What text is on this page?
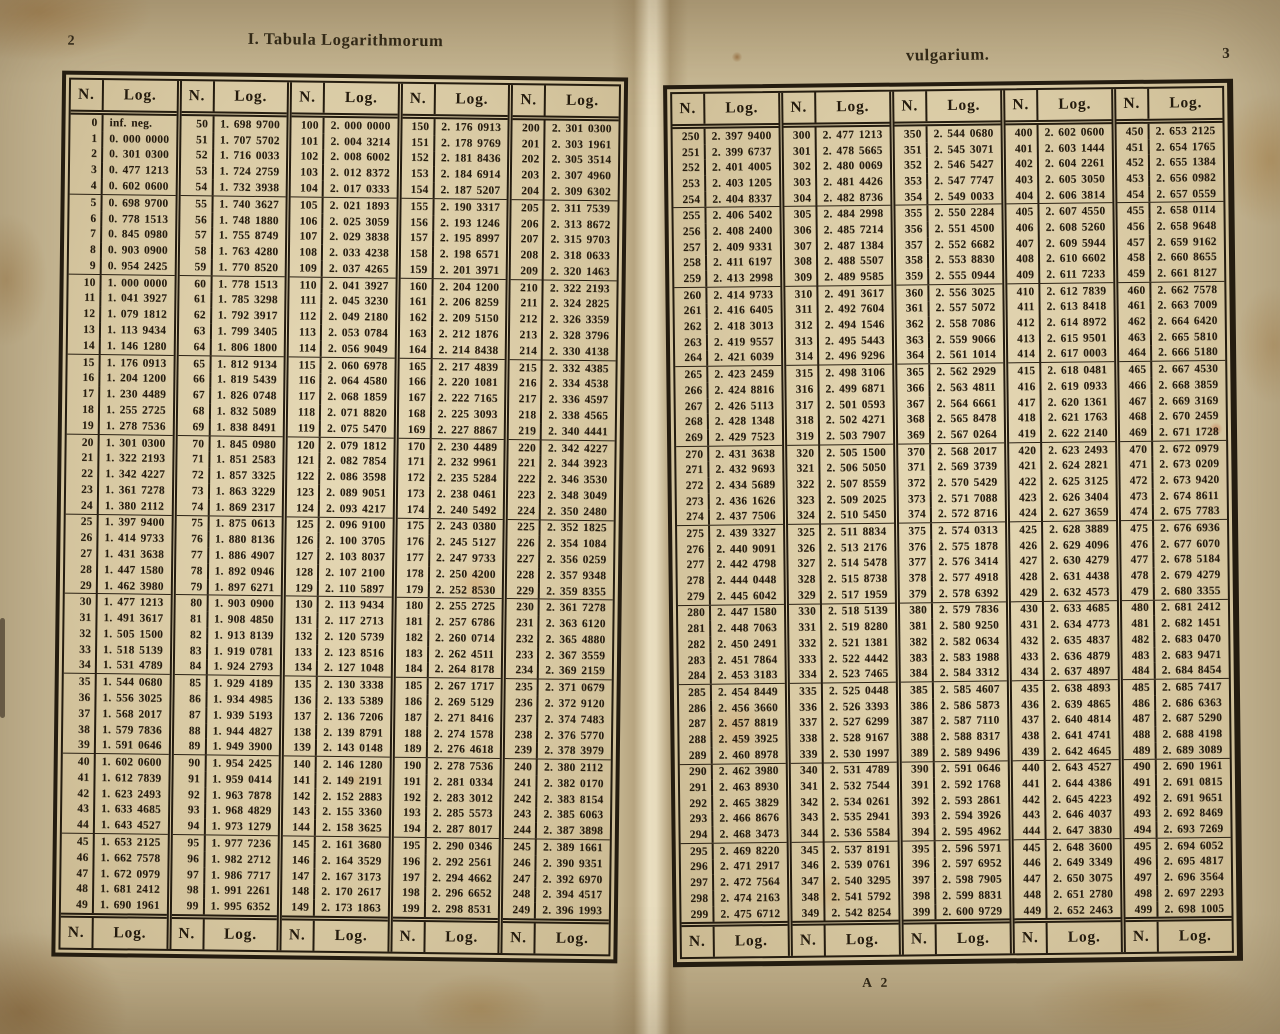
2	I. Tabula Logarithmorum
N.	Log.
0	inf. neg.
1	0. 000 0000
2	0. 301 0300
3	0. 477 1213
4	0. 602 0600
5	0. 698 9700
6	0. 778 1513
7	0. 845 0980
8	0. 903 0900
9	0. 954 2425
10	1. 000 0000
11	1. 041 3927
12	1. 079 1812
13	1. 113 9434
14	1. 146 1280
15	1. 176 0913
16	1. 204 1200
17	1. 230 4489
18	1. 255 2725
19	1. 278 7536
20	1. 301 0300
21	1. 322 2193
22	1. 342 4227
23	1. 361 7278
24	1. 380 2112
25	1. 397 9400
26	1. 414 9733
27	1. 431 3638
28	1. 447 1580
29	1. 462 3980
30	1. 477 1213
31	1. 491 3617
32	1. 505 1500
33	1. 518 5139
34	1. 531 4789
35	1. 544 0680
36	1. 556 3025
37	1. 568 2017
38	1. 579 7836
39	1. 591 0646
40	1. 602 0600
41	1. 612 7839
42	1. 623 2493
43	1. 633 4685
44	1. 643 4527
45	1. 653 2125
46	1. 662 7578
47	1. 672 0979
48	1. 681 2412
49	1. 690 1961
N.	Log.
N.	Log.
50	1. 698 9700
51	1. 707 5702
52	1. 716 0033
53	1. 724 2759
54	1. 732 3938
55	1. 740 3627
56	1. 748 1880
57	1. 755 8749
58	1. 763 4280
59	1. 770 8520
60	1. 778 1513
61	1. 785 3298
62	1. 792 3917
63	1. 799 3405
64	1. 806 1800
65	1. 812 9134
66	1. 819 5439
67	1. 826 0748
68	1. 832 5089
69	1. 838 8491
70	1. 845 0980
71	1. 851 2583
72	1. 857 3325
73	1. 863 3229
74	1. 869 2317
75	1. 875 0613
76	1. 880 8136
77	1. 886 4907
78	1. 892 0946
79	1. 897 6271
80	1. 903 0900
81	1. 908 4850
82	1. 913 8139
83	1. 919 0781
84	1. 924 2793
85	1. 929 4189
86	1. 934 4985
87	1. 939 5193
88	1. 944 4827
89	1. 949 3900
90	1. 954 2425
91	1. 959 0414
92	1. 963 7878
93	1. 968 4829
94	1. 973 1279
95	1. 977 7236
96	1. 982 2712
97	1. 986 7717
98	1. 991 2261
99	1. 995 6352
N.	Log.
N.	Log.
100	2. 000 0000
101	2. 004 3214
102	2. 008 6002
103	2. 012 8372
104	2. 017 0333
105	2. 021 1893
106	2. 025 3059
107	2. 029 3838
108	2. 033 4238
109	2. 037 4265
110	2. 041 3927
111	2. 045 3230
112	2. 049 2180
113	2. 053 0784
114	2. 056 9049
115	2. 060 6978
116	2. 064 4580
117	2. 068 1859
118	2. 071 8820
119	2. 075 5470
120	2. 079 1812
121	2. 082 7854
122	2. 086 3598
123	2. 089 9051
124	2. 093 4217
125	2. 096 9100
126	2. 100 3705
127	2. 103 8037
128	2. 107 2100
129	2. 110 5897
130	2. 113 9434
131	2. 117 2713
132	2. 120 5739
133	2. 123 8516
134	2. 127 1048
135	2. 130 3338
136	2. 133 5389
137	2. 136 7206
138	2. 139 8791
139	2. 143 0148
140	2. 146 1280
141	2. 149 2191
142	2. 152 2883
143	2. 155 3360
144	2. 158 3625
145	2. 161 3680
146	2. 164 3529
147	2. 167 3173
148	2. 170 2617
149	2. 173 1863
N.	Log.
N.	Log.
150	2. 176 0913
151	2. 178 9769
152	2. 181 8436
153	2. 184 6914
154	2. 187 5207
155	2. 190 3317
156	2. 193 1246
157	2. 195 8997
158	2. 198 6571
159	2. 201 3971
160	2. 204 1200
161	2. 206 8259
162	2. 209 5150
163	2. 212 1876
164	2. 214 8438
165	2. 217 4839
166	2. 220 1081
167	2. 222 7165
168	2. 225 3093
169	2. 227 8867
170	2. 230 4489
171	2. 232 9961
172	2. 235 5284
173	2. 238 0461
174	2. 240 5492
175	2. 243 0380
176	2. 245 5127
177	2. 247 9733
178	2. 250 4200
179	2. 252 8530
180	2. 255 2725
181	2. 257 6786
182	2. 260 0714
183	2. 262 4511
184	2. 264 8178
185	2. 267 1717
186	2. 269 5129
187	2. 271 8416
188	2. 274 1578
189	2. 276 4618
190	2. 278 7536
191	2. 281 0334
192	2. 283 3012
193	2. 285 5573
194	2. 287 8017
195	2. 290 0346
196	2. 292 2561
197	2. 294 4662
198	2. 296 6652
199	2. 298 8531
N.	Log.
N.	Log.
200	2. 301 0300
201	2. 303 1961
202	2. 305 3514
203	2. 307 4960
204	2. 309 6302
205	2. 311 7539
206	2. 313 8672
207	2. 315 9703
208	2. 318 0633
209	2. 320 1463
210	2. 322 2193
211	2. 324 2825
212	2. 326 3359
213	2. 328 3796
214	2. 330 4138
215	2. 332 4385
216	2. 334 4538
217	2. 336 4597
218	2. 338 4565
219	2. 340 4441
220	2. 342 4227
221	2. 344 3923
222	2. 346 3530
223	2. 348 3049
224	2. 350 2480
225	2. 352 1825
226	2. 354 1084
227	2. 356 0259
228	2. 357 9348
229	2. 359 8355
230	2. 361 7278
231	2. 363 6120
232	2. 365 4880
233	2. 367 3559
234	2. 369 2159
235	2. 371 0679
236	2. 372 9120
237	2. 374 7483
238	2. 376 5770
239	2. 378 3979
240	2. 380 2112
241	2. 382 0170
242	2. 383 8154
243	2. 385 6063
244	2. 387 3898
245	2. 389 1661
246	2. 390 9351
247	2. 392 6970
248	2. 394 4517
249	2. 396 1993
N.	Log.
vulgarium.	3
N.	Log.
250	2. 397 9400
251	2. 399 6737
252	2. 401 4005
253	2. 403 1205
254	2. 404 8337
255	2. 406 5402
256	2. 408 2400
257	2. 409 9331
258	2. 411 6197
259	2. 413 2998
260	2. 414 9733
261	2. 416 6405
262	2. 418 3013
263	2. 419 9557
264	2. 421 6039
265	2. 423 2459
266	2. 424 8816
267	2. 426 5113
268	2. 428 1348
269	2. 429 7523
270	2. 431 3638
271	2. 432 9693
272	2. 434 5689
273	2. 436 1626
274	2. 437 7506
275	2. 439 3327
276	2. 440 9091
277	2. 442 4798
278	2. 444 0448
279	2. 445 6042
280	2. 447 1580
281	2. 448 7063
282	2. 450 2491
283	2. 451 7864
284	2. 453 3183
285	2. 454 8449
286	2. 456 3660
287	2. 457 8819
288	2. 459 3925
289	2. 460 8978
290	2. 462 3980
291	2. 463 8930
292	2. 465 3829
293	2. 466 8676
294	2. 468 3473
295	2. 469 8220
296	2. 471 2917
297	2. 472 7564
298	2. 474 2163
299	2. 475 6712
N.	Log.
N.	Log.
300	2. 477 1213
301	2. 478 5665
302	2. 480 0069
303	2. 481 4426
304	2. 482 8736
305	2. 484 2998
306	2. 485 7214
307	2. 487 1384
308	2. 488 5507
309	2. 489 9585
310	2. 491 3617
311	2. 492 7604
312	2. 494 1546
313	2. 495 5443
314	2. 496 9296
315	2. 498 3106
316	2. 499 6871
317	2. 501 0593
318	2. 502 4271
319	2. 503 7907
320	2. 505 1500
321	2. 506 5050
322	2. 507 8559
323	2. 509 2025
324	2. 510 5450
325	2. 511 8834
326	2. 513 2176
327	2. 514 5478
328	2. 515 8738
329	2. 517 1959
330	2. 518 5139
331	2. 519 8280
332	2. 521 1381
333	2. 522 4442
334	2. 523 7465
335	2. 525 0448
336	2. 526 3393
337	2. 527 6299
338	2. 528 9167
339	2. 530 1997
340	2. 531 4789
341	2. 532 7544
342	2. 534 0261
343	2. 535 2941
344	2. 536 5584
345	2. 537 8191
346	2. 539 0761
347	2. 540 3295
348	2. 541 5792
349	2. 542 8254
N.	Log.
N.	Log.
350	2. 544 0680
351	2. 545 3071
352	2. 546 5427
353	2. 547 7747
354	2. 549 0033
355	2. 550 2284
356	2. 551 4500
357	2. 552 6682
358	2. 553 8830
359	2. 555 0944
360	2. 556 3025
361	2. 557 5072
362	2. 558 7086
363	2. 559 9066
364	2. 561 1014
365	2. 562 2929
366	2. 563 4811
367	2. 564 6661
368	2. 565 8478
369	2. 567 0264
370	2. 568 2017
371	2. 569 3739
372	2. 570 5429
373	2. 571 7088
374	2. 572 8716
375	2. 574 0313
376	2. 575 1878
377	2. 576 3414
378	2. 577 4918
379	2. 578 6392
380	2. 579 7836
381	2. 580 9250
382	2. 582 0634
383	2. 583 1988
384	2. 584 3312
385	2. 585 4607
386	2. 586 5873
387	2. 587 7110
388	2. 588 8317
389	2. 589 9496
390	2. 591 0646
391	2. 592 1768
392	2. 593 2861
393	2. 594 3926
394	2. 595 4962
395	2. 596 5971
396	2. 597 6952
397	2. 598 7905
398	2. 599 8831
399	2. 600 9729
N.	Log.
N.	Log.
400	2. 602 0600
401	2. 603 1444
402	2. 604 2261
403	2. 605 3050
404	2. 606 3814
405	2. 607 4550
406	2. 608 5260
407	2. 609 5944
408	2. 610 6602
409	2. 611 7233
410	2. 612 7839
411	2. 613 8418
412	2. 614 8972
413	2. 615 9501
414	2. 617 0003
415	2. 618 0481
416	2. 619 0933
417	2. 620 1361
418	2. 621 1763
419	2. 622 2140
420	2. 623 2493
421	2. 624 2821
422	2. 625 3125
423	2. 626 3404
424	2. 627 3659
425	2. 628 3889
426	2. 629 4096
427	2. 630 4279
428	2. 631 4438
429	2. 632 4573
430	2. 633 4685
431	2. 634 4773
432	2. 635 4837
433	2. 636 4879
434	2. 637 4897
435	2. 638 4893
436	2. 639 4865
437	2. 640 4814
438	2. 641 4741
439	2. 642 4645
440	2. 643 4527
441	2. 644 4386
442	2. 645 4223
443	2. 646 4037
444	2. 647 3830
445	2. 648 3600
446	2. 649 3349
447	2. 650 3075
448	2. 651 2780
449	2. 652 2463
N.	Log.
N.	Log.
450	2. 653 2125
451	2. 654 1765
452	2. 655 1384
453	2. 656 0982
454	2. 657 0559
455	2. 658 0114
456	2. 658 9648
457	2. 659 9162
458	2. 660 8655
459	2. 661 8127
460	2. 662 7578
461	2. 663 7009
462	2. 664 6420
463	2. 665 5810
464	2. 666 5180
465	2. 667 4530
466	2. 668 3859
467	2. 669 3169
468	2. 670 2459
469	2. 671 1728
470	2. 672 0979
471	2. 673 0209
472	2. 673 9420
473	2. 674 8611
474	2. 675 7783
475	2. 676 6936
476	2. 677 6070
477	2. 678 5184
478	2. 679 4279
479	2. 680 3355
480	2. 681 2412
481	2. 682 1451
482	2. 683 0470
483	2. 683 9471
484	2. 684 8454
485	2. 685 7417
486	2. 686 6363
487	2. 687 5290
488	2. 688 4198
489	2. 689 3089
490	2. 690 1961
491	2. 691 0815
492	2. 691 9651
493	2. 692 8469
494	2. 693 7269
495	2. 694 6052
496	2. 695 4817
497	2. 696 3564
498	2. 697 2293
499	2. 698 1005
N.	Log.
A 2
